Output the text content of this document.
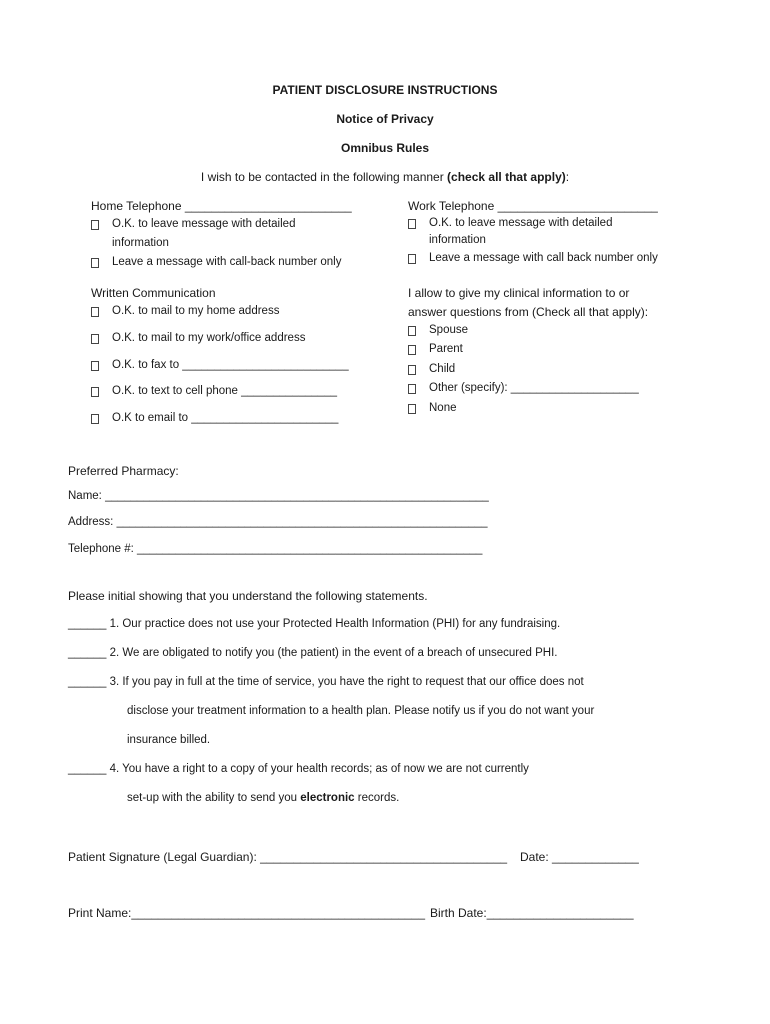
PATIENT DISCLOSURE INSTRUCTIONS
Notice of Privacy
Omnibus Rules
I wish to be contacted in the following manner (check all that apply):
Home Telephone _________________________
O.K. to leave message with detailed
information
Leave a message with call-back number only
Work Telephone ________________________
O.K. to leave message with detailed
information
Leave a message with call back number only
Written Communication
O.K. to mail to my home address
O.K. to mail to my work/office address
O.K. to fax to __________________________
O.K. to text to cell phone _______________
O.K to email to _______________________
I allow to give my clinical information to or
answer questions from (Check all that apply):
Spouse
Parent
Child
Other (specify): ____________________
None
Preferred Pharmacy:
Name: ____________________________________________________________
Address: __________________________________________________________
Telephone #: ______________________________________________________
Please initial showing that you understand the following statements.
______ 1. Our practice does not use your Protected Health Information (PHI) for any fundraising.
______ 2. We are obligated to notify you (the patient) in the event of a breach of unsecured PHI.
______ 3. If you pay in full at the time of service, you have the right to request that our office does not
disclose your treatment information to a health plan. Please notify us if you do not want your
insurance billed.
______ 4. You have a right to a copy of your health records; as of now we are not currently
set-up with the ability to send you electronic records.
Patient Signature (Legal Guardian): _____________________________________ Date: _____________
Print Name:____________________________________________ Birth Date:______________________
